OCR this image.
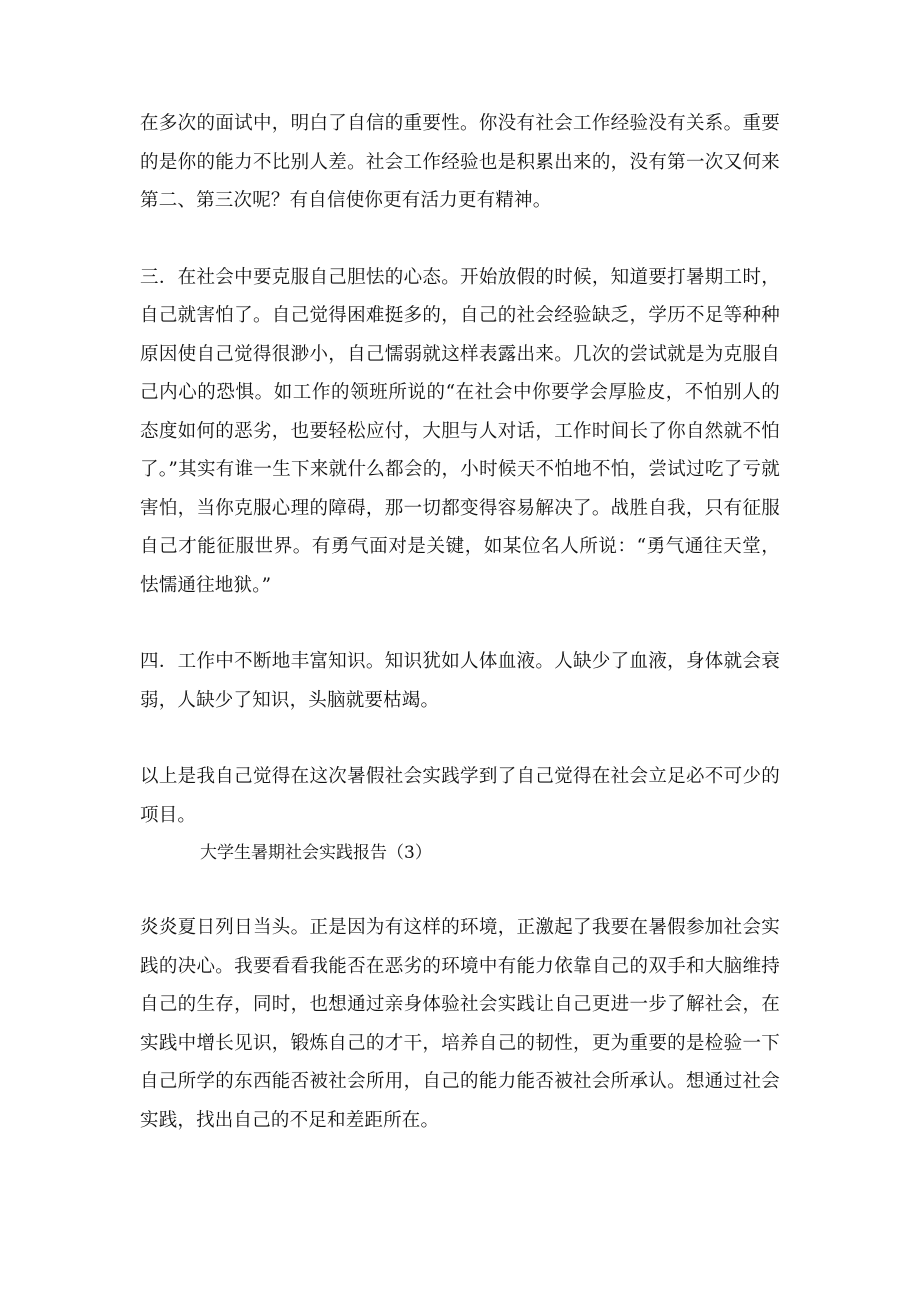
在多次的面试中，明白了自信的重要性。你没有社会工作经验没有关系。重要的是你的能力不比别人差。社会工作经验也是积累出来的，没有第一次又何来第二、第三次呢？有自信使你更有活力更有精神。

三．在社会中要克服自己胆怯的心态。开始放假的时候，知道要打暑期工时，自己就害怕了。自己觉得困难挺多的，自己的社会经验缺乏，学历不足等种种原因使自己觉得很渺小，自己懦弱就这样表露出来。几次的尝试就是为克服自己内心的恐惧。如工作的领班所说的“在社会中你要学会厚脸皮，不怕别人的态度如何的恶劣，也要轻松应付，大胆与人对话，工作时间长了你自然就不怕了。”其实有谁一生下来就什么都会的，小时候天不怕地不怕，尝试过吃了亏就害怕，当你克服心理的障碍，那一切都变得容易解决了。战胜自我，只有征服自己才能征服世界。有勇气面对是关键，如某位名人所说：“勇气通往天堂，怯懦通往地狱。”

四．工作中不断地丰富知识。知识犹如人体血液。人缺少了血液，身体就会衰弱，人缺少了知识，头脑就要枯竭。

以上是我自己觉得在这次暑假社会实践学到了自己觉得在社会立足必不可少的项目。

大学生暑期社会实践报告（3）

炎炎夏日列日当头。正是因为有这样的环境，正激起了我要在暑假参加社会实践的决心。我要看看我能否在恶劣的环境中有能力依靠自己的双手和大脑维持自己的生存，同时，也想通过亲身体验社会实践让自己更进一步了解社会，在实践中增长见识，锻炼自己的才干，培养自己的韧性，更为重要的是检验一下自己所学的东西能否被社会所用，自己的能力能否被社会所承认。想通过社会实践，找出自己的不足和差距所在。
